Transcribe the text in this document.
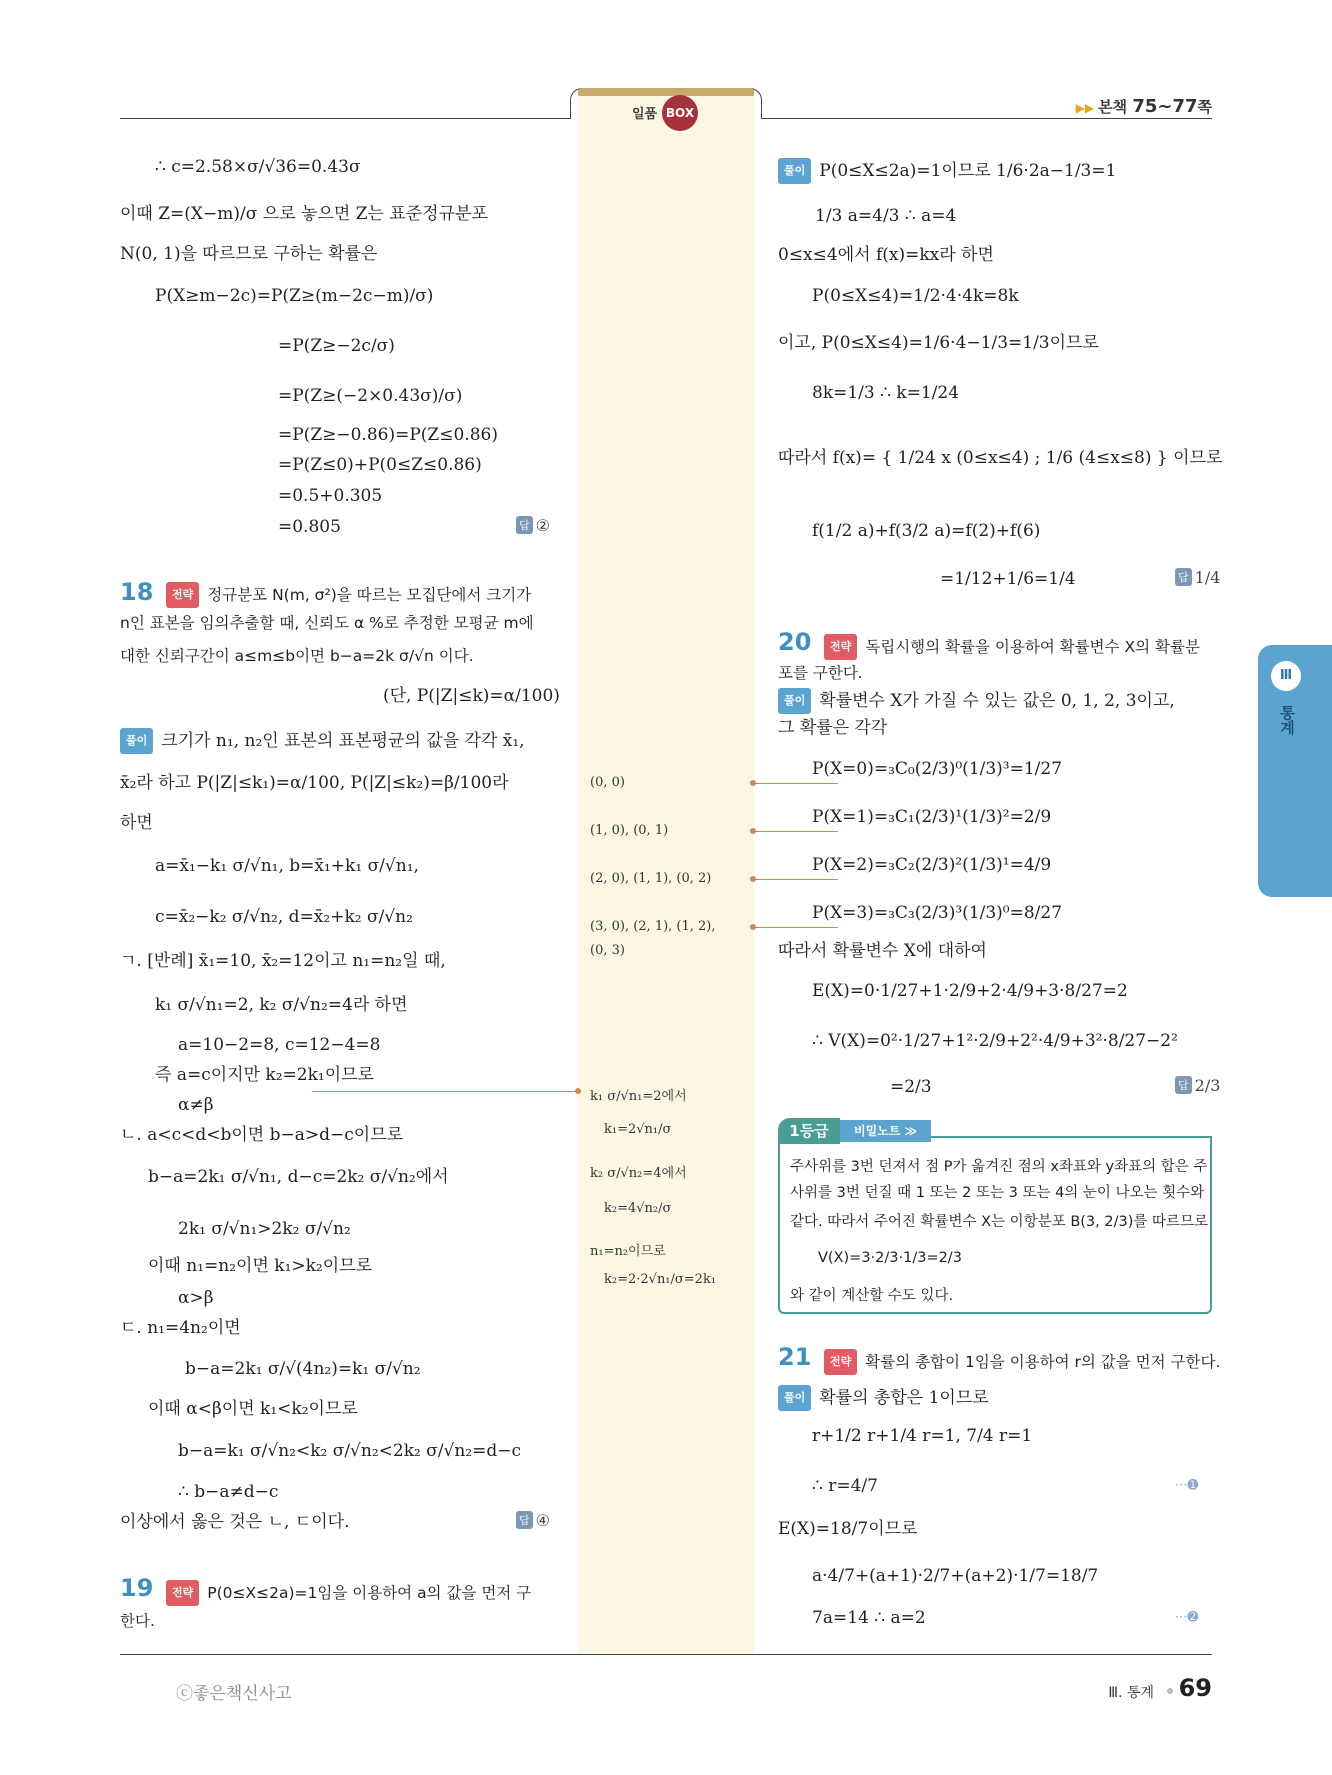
일품 BOX	▶▶ 본책 75~77쪽
∴ c=2.58×σ/√36=0.43σ
이때 Z=(X−m)/σ 으로 놓으면 Z는 표준정규분포
N(0, 1)을 따르므로 구하는 확률은
P(X≥m−2c)=P(Z≥(m−2c−m)/σ)
=P(Z≥−2c/σ)
=P(Z≥(−2×0.43σ)/σ)
=P(Z≥−0.86)=P(Z≤0.86)
=P(Z≤0)+P(0≤Z≤0.86)
=0.5+0.305
=0.805	답 ②
18	전략 정규분포 N(m, σ²)을 따르는 모집단에서 크기가
n인 표본을 임의추출할 때, 신뢰도 α %로 추정한 모평균 m에
대한 신뢰구간이 a≤m≤b이면 b−a=2k σ/√n 이다.
(단, P(|Z|≤k)=α/100)
풀이 크기가 n₁, n₂인 표본의 표본평균의 값을 각각 x̄₁,
x̄₂라 하고 P(|Z|≤k₁)=α/100, P(|Z|≤k₂)=β/100라
하면
a=x̄₁−k₁ σ/√n₁, b=x̄₁+k₁ σ/√n₁,
c=x̄₂−k₂ σ/√n₂, d=x̄₂+k₂ σ/√n₂
ㄱ. [반례] x̄₁=10, x̄₂=12이고 n₁=n₂일 때,
k₁ σ/√n₁=2, k₂ σ/√n₂=4라 하면
a=10−2=8, c=12−4=8
즉 a=c이지만 k₂=2k₁이므로
α≠β
ㄴ. a<c<d<b이면 b−a>d−c이므로
b−a=2k₁ σ/√n₁, d−c=2k₂ σ/√n₂에서
2k₁ σ/√n₁>2k₂ σ/√n₂
이때 n₁=n₂이면 k₁>k₂이므로
α>β
ㄷ. n₁=4n₂이면
b−a=2k₁ σ/√(4n₂)=k₁ σ/√n₂
이때 α<β이면 k₁<k₂이므로
b−a=k₁ σ/√n₂<k₂ σ/√n₂<2k₂ σ/√n₂=d−c
∴ b−a≠d−c
이상에서 옳은 것은 ㄴ, ㄷ이다.	답 ④
19	전략 P(0≤X≤2a)=1임을 이용하여 a의 값을 먼저 구
한다.
(0, 0)
(1, 0), (0, 1)
(2, 0), (1, 1), (0, 2)
(3, 0), (2, 1), (1, 2),
(0, 3)
k₁ σ/√n₁=2에서
k₁=2√n₁/σ
k₂ σ/√n₂=4에서
k₂=4√n₂/σ
n₁=n₂이므로
k₂=2·2√n₁/σ=2k₁
풀이 P(0≤X≤2a)=1이므로 1/6·2a−1/3=1
1/3 a=4/3 ∴ a=4
0≤x≤4에서 f(x)=kx라 하면
P(0≤X≤4)=1/2·4·4k=8k
이고, P(0≤X≤4)=1/6·4−1/3=1/3이므로
8k=1/3 ∴ k=1/24
따라서 f(x)= { 1/24 x (0≤x≤4) ; 1/6 (4≤x≤8) } 이므로
f(1/2 a)+f(3/2 a)=f(2)+f(6)
=1/12+1/6=1/4	답 1/4
20	전략 독립시행의 확률을 이용하여 확률변수 X의 확률분
포를 구한다.
풀이 확률변수 X가 가질 수 있는 값은 0, 1, 2, 3이고,
그 확률은 각각
P(X=0)=₃C₀(2/3)⁰(1/3)³=1/27
P(X=1)=₃C₁(2/3)¹(1/3)²=2/9
P(X=2)=₃C₂(2/3)²(1/3)¹=4/9
P(X=3)=₃C₃(2/3)³(1/3)⁰=8/27
따라서 확률변수 X에 대하여
E(X)=0·1/27+1·2/9+2·4/9+3·8/27=2
∴ V(X)=0²·1/27+1²·2/9+2²·4/9+3²·8/27−2²
=2/3	답 2/3
1등급	비밀노트 ≫
주사위를 3번 던져서 점 P가 옮겨진 점의 x좌표와 y좌표의 합은 주
사위를 3번 던질 때 1 또는 2 또는 3 또는 4의 눈이 나오는 횟수와
같다. 따라서 주어진 확률변수 X는 이항분포 B(3, 2/3)를 따르므로
V(X)=3·2/3·1/3=2/3
와 같이 계산할 수도 있다.
21	전략 확률의 총합이 1임을 이용하여 r의 값을 먼저 구한다.
풀이 확률의 총합은 1이므로
r+1/2 r+1/4 r=1, 7/4 r=1
∴ r=4/7	···➊
E(X)=18/7이므로
a·4/7+(a+1)·2/7+(a+2)·1/7=18/7
7a=14 ∴ a=2	···➋
Ⅲ
통계
ⓒ좋은책신사고	Ⅲ. 통계 69
